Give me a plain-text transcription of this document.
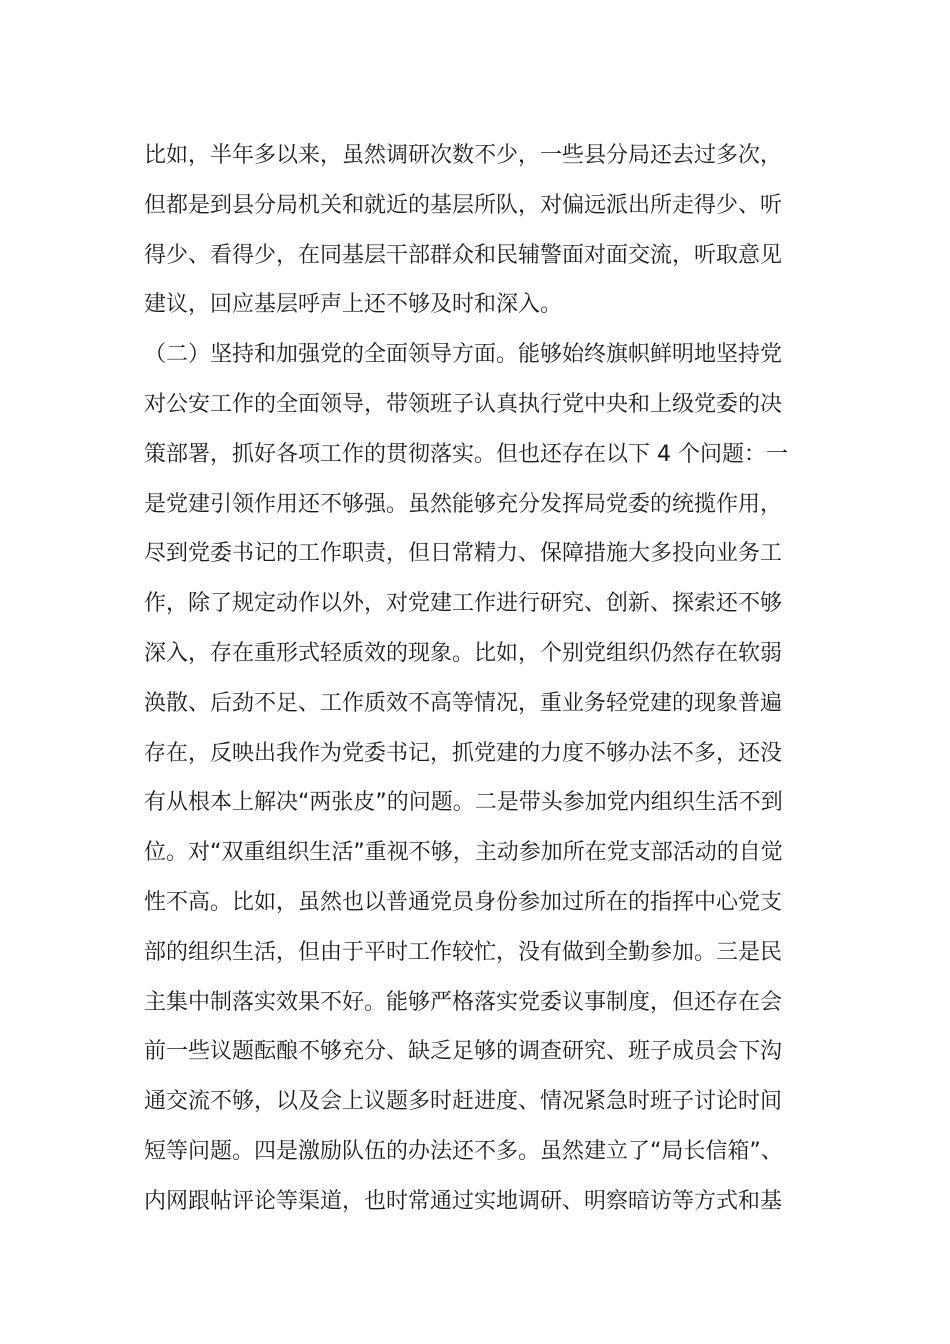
比如，半年多以来，虽然调研次数不少，一些县分局还去过多次，
但都是到县分局机关和就近的基层所队，对偏远派出所走得少、听
得少、看得少，在同基层干部群众和民辅警面对面交流，听取意见
建议，回应基层呼声上还不够及时和深入。
（二）坚持和加强党的全面领导方面。能够始终旗帜鲜明地坚持党
对公安工作的全面领导，带领班子认真执行党中央和上级党委的决
策部署，抓好各项工作的贯彻落实。但也还存在以下 4 个问题：一
是党建引领作用还不够强。虽然能够充分发挥局党委的统揽作用，
尽到党委书记的工作职责，但日常精力、保障措施大多投向业务工
作，除了规定动作以外，对党建工作进行研究、创新、探索还不够
深入，存在重形式轻质效的现象。比如，个别党组织仍然存在软弱
涣散、后劲不足、工作质效不高等情况，重业务轻党建的现象普遍
存在，反映出我作为党委书记，抓党建的力度不够办法不多，还没
有从根本上解决“两张皮”的问题。二是带头参加党内组织生活不到
位。对“双重组织生活”重视不够，主动参加所在党支部活动的自觉
性不高。比如，虽然也以普通党员身份参加过所在的指挥中心党支
部的组织生活，但由于平时工作较忙，没有做到全勤参加。三是民
主集中制落实效果不好。能够严格落实党委议事制度，但还存在会
前一些议题酝酿不够充分、缺乏足够的调查研究、班子成员会下沟
通交流不够，以及会上议题多时赶进度、情况紧急时班子讨论时间
短等问题。四是激励队伍的办法还不多。虽然建立了“局长信箱”、
内网跟帖评论等渠道，也时常通过实地调研、明察暗访等方式和基
